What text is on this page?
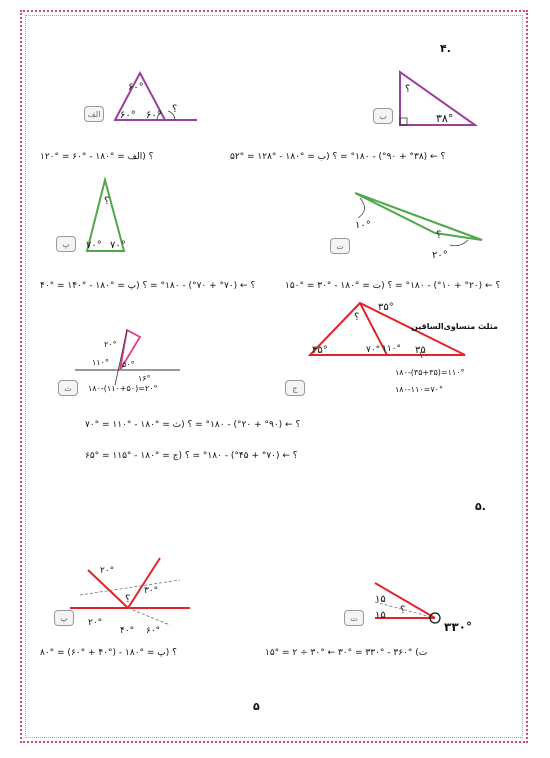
۴.
۶۰°
۶۰° ۶۰°
؟
الف
؟
۳۸°
ب
۱۲۰° = ۶۰° - ۱۸۰° = ؟ (الف	۵۲° = ۱۲۸° - ۱۸۰° = ؟ ← (۳۸° + ۹۰°) - ۱۸۰° = ؟ (ب
؟
۷۰° ۷۰°
پ
۱۰°
۲۰°
؟
ت
۴۰° = ۱۴۰° - ۱۸۰° = ؟ ← (۷۰° + ۷۰°) - ۱۸۰° = ؟ (پ	۱۵۰° = ۳۰° - ۱۸۰° = ؟ ← (۲۰° + ۱۰°) - ۱۸۰° = ؟ (ت
۲۰°
۱۱۰° ۵۰°
۱۶°
۱۸۰-(۱۱۰+۵۰)=۲۰°
ث
۳۵°
؟
۱۱۰°
۴۵°	۷۰°	۳۵
مثلث متساوی‌الساقین
۱۸۰-(۳۵+۳۵)=۱۱۰°
۱۸۰-۱۱۰=۷۰°
ج
۷۰° = ۱۱۰° - ۱۸۰° = ؟ ← (۹۰° + ۲۰°) - ۱۸۰° = ؟ (ث
۶۵° = ۱۱۵° - ۱۸۰° = ؟ ← (۷۰° + ۴۵°) - ۱۸۰° = ؟ (ج
۵.
۲۰°
۳۰°
؟
۲۰°
۴۰° ۶۰°
پ
۱۵
۱۵ ؟
۳۳۰°
ت
۸۰° = (۶۰° + ۴۰°) - ۱۸۰° = ؟ (پ	۱۵° = ۲ ÷ ۳۰° ← ۳۰° = ۳۳۰° - ۳۶۰° (ت
۵
